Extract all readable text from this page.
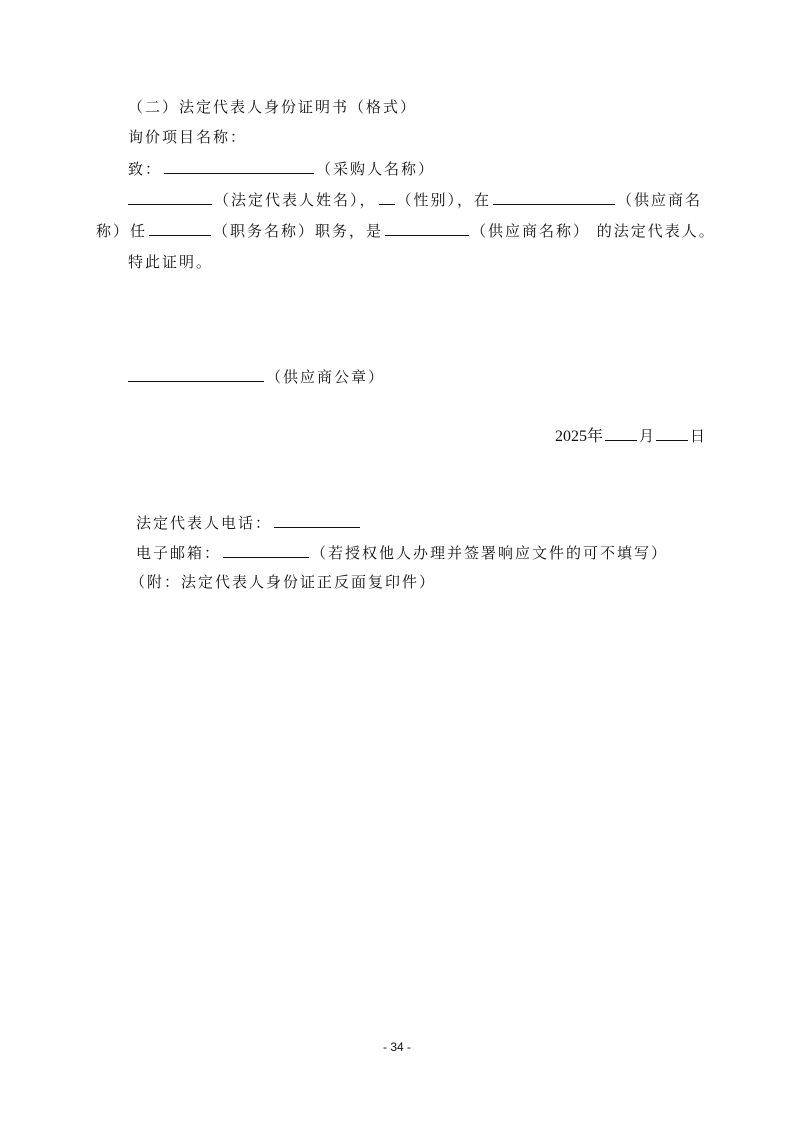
（二）法定代表人身份证明书（格式）
询价项目名称：
致：	（采购人名称）
（法定代表人姓名）， （性别），在	（供应商名
称）任	（职务名称）职务，是	（供应商名称） 的法定代表人。
特此证明。
（供应商公章）
2025年 月 日
法定代表人电话：
电子邮箱：	（若授权他人办理并签署响应文件的可不填写）
（附：法定代表人身份证正反面复印件）
- 34 -
